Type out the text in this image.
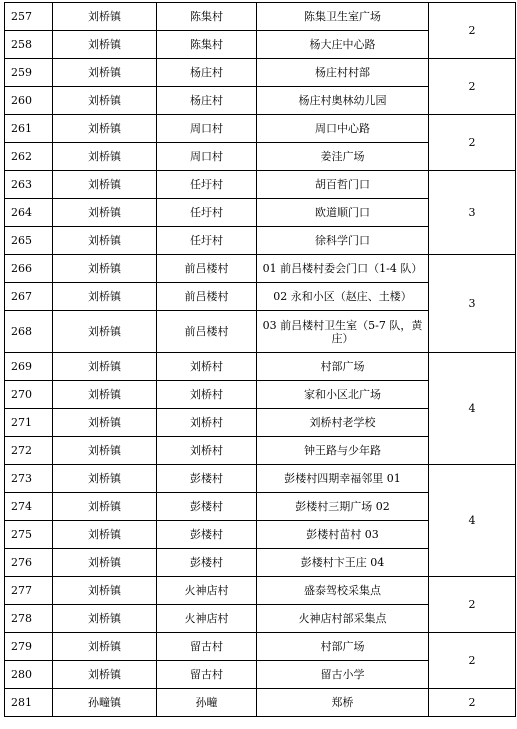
257	刘桥镇	陈集村	陈集卫生室广场	2
258	刘桥镇	陈集村	杨大庄中心路	
259	刘桥镇	杨庄村	杨庄村村部	2
260	刘桥镇	杨庄村	杨庄村奥林幼儿园	
261	刘桥镇	周口村	周口中心路	2
262	刘桥镇	周口村	姜洼广场	
263	刘桥镇	任圩村	胡百哲门口	3
264	刘桥镇	任圩村	欧道顺门口	
265	刘桥镇	任圩村	徐科学门口	
266	刘桥镇	前吕楼村	01 前吕楼村委会门口（1-4 队）	3
267	刘桥镇	前吕楼村	02 永和小区（赵庄、土楼）	
268	刘桥镇	前吕楼村	03 前吕楼村卫生室（5-7 队，黄庄）	
269	刘桥镇	刘桥村	村部广场	4
270	刘桥镇	刘桥村	家和小区北广场	
271	刘桥镇	刘桥村	刘桥村老学校	
272	刘桥镇	刘桥村	钟王路与少年路	
273	刘桥镇	彭楼村	彭楼村四期幸福邻里 01	4
274	刘桥镇	彭楼村	彭楼村三期广场 02	
275	刘桥镇	彭楼村	彭楼村苗村 03	
276	刘桥镇	彭楼村	彭楼村卞王庄 04	
277	刘桥镇	火神店村	盛泰驾校采集点	2
278	刘桥镇	火神店村	火神店村部采集点	
279	刘桥镇	留古村	村部广场	2
280	刘桥镇	留古村	留古小学	
281	孙疃镇	孙疃	郑桥	2
